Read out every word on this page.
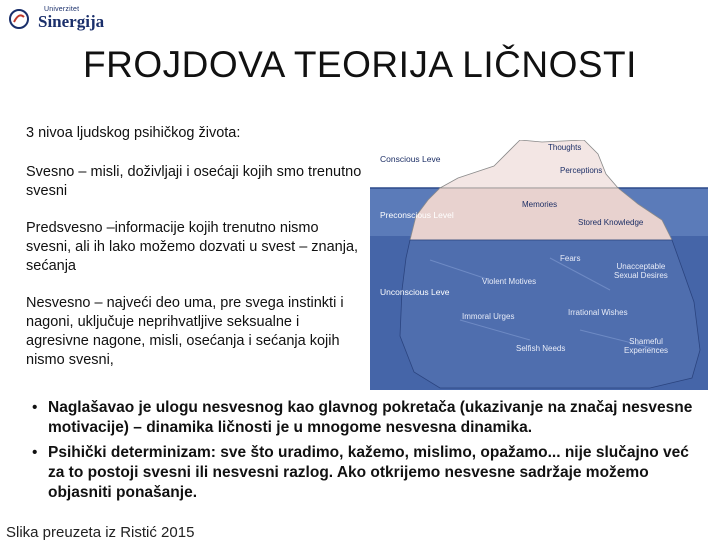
Univerzitet
Sinergija
FROJDOVA TEORIJA LIČNOSTI
3 nivoa ljudskog psihičkog života:
Svesno – misli, doživljaji i osećaji kojih smo trenutno svesni
Predsvesno –informacije kojih trenutno nismo svesni, ali ih lako možemo dozvati u svest – znanja, sećanja
Nesvesno – najveći deo uma, pre svega instinkti i nagoni, uključuje neprihvatljive seksualne i agresivne nagone, misli, osećanja i sećanja kojih nismo svesni,
Conscious Leve
Preconscious Level
Unconscious Leve
Thoughts
Perceptions
Memories
Stored Knowledge
Fears
Unacceptable
Sexual Desires
Violent Motives
Immoral Urges	Irrational Wishes
Selfish Needs
Shameful
Experiences
• Naglašavao je ulogu nesvesnog kao glavnog pokretača (ukazivanje na značaj nesvesne motivacije) – dinamika ličnosti je u mnogome nesvesna dinamika.
• Psihički determinizam: sve što uradimo, kažemo, mislimo, opažamo... nije slučajno već za to postoji svesni ili nesvesni razlog. Ako otkrijemo nesvesne sadržaje možemo objasniti ponašanje.
Slika preuzeta iz Ristić 2015
